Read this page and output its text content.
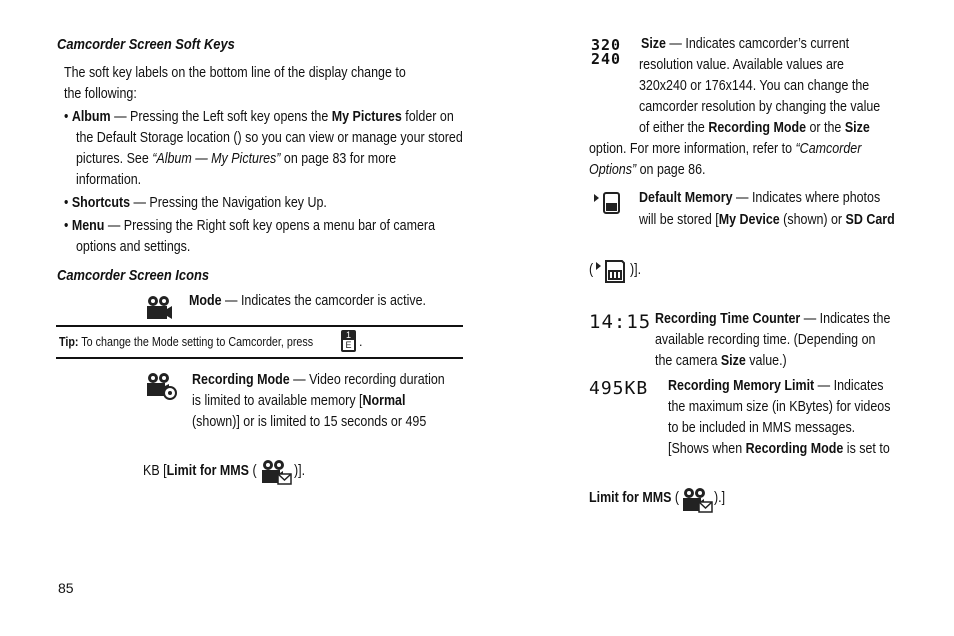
Camcorder Screen Soft Keys
The soft key labels on the bottom line of the display change to
the following:
• Album — Pressing the Left soft key opens the My Pictures folder on
the Default Storage location () so you can view or manage your stored
pictures. See “Album — My Pictures” on page 83 for more
information.
• Shortcuts — Pressing the Navigation key Up.
• Menu — Pressing the Right soft key opens a menu bar of camera
options and settings.
Camcorder Screen Icons
Mode — Indicates the camcorder is active.
Tip: To change the Mode setting to Camcorder, press	1
E .
Recording Mode — Video recording duration
is limited to available memory [Normal
(shown)] or is limited to 15 seconds or 495
KB [Limit for MMS (	)].
320
240
Size — Indicates camcorder’s current
resolution value. Available values are
320x240 or 176x144. You can change the
camcorder resolution by changing the value
of either the Recording Mode or the Size
option. For more information, refer to “Camcorder
Options” on page 86.
Default Memory — Indicates where photos
will be stored [My Device (shown) or SD Card
(	)].
14:15 Recording Time Counter — Indicates the
available recording time. (Depending on
the camera Size value.)
495KB Recording Memory Limit — Indicates
the maximum size (in KBytes) for videos
to be included in MMS messages.
[Shows when Recording Mode is set to
Limit for MMS (	).]
85
